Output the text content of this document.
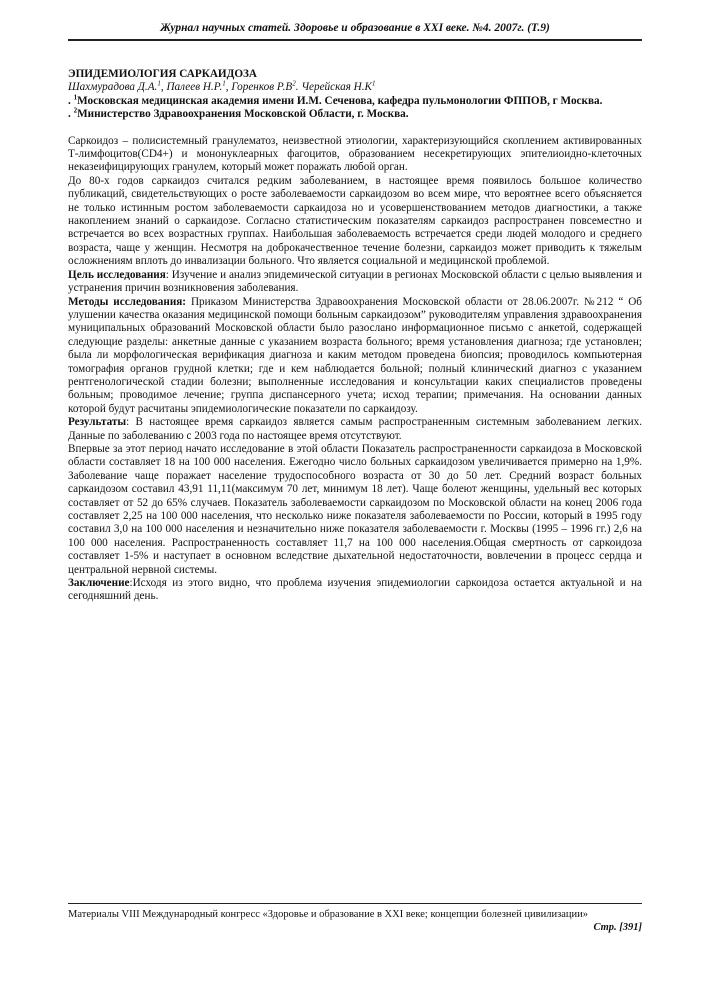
Журнал научных статей. Здоровье и образование в XXI веке. №4. 2007г. (Т.9)

ЭПИДЕМИОЛОГИЯ САРКАИДОЗА

Шахмурадова Д.А.$^1$, Палеев Н.Р.$^1$, Горенков $Р.В^2$. Черейская $Н.К^1$

. $^1$Московская медицинская академия имени И.М. Сеченова, кафедра пульмонологии ФППОВ, г Москва.

. $^2$Министерство Здравоохранения Московской Области, г. Москва.

Саркоидоз – полисистемный гранулематоз, неизвестной этиологии, характеризующийся скоплением активированных Т-лимфоцитов(CD4+) и мононуклеарных фагоцитов, образованием несекретирующих эпителиоидно-клеточных неказеифицирующих гранулем, который может поражать любой орган.

До 80-х годов саркаидоз считался редким заболеванием, в настоящее время появилось большое количество публикаций, свидетельствующих о росте заболеваемости саркаидозом во всем мире, что вероятнее всего объясняется не только истинным ростом заболеваемости саркаидоза но и усовершенствованием методов диагностики, а также накоплением знаний о саркаидозе. Согласно статистическим показателям саркаидоз распространен повсеместно и встречается во всех возрастных группах. Наибольшая заболеваемость встречается среди людей молодого и среднего возраста, чаще у женщин. Несмотря на доброкачественное течение болезни, саркаидоз может приводить к тяжелым осложнениям вплоть до инвализации больного. Что является социальной и медицинской проблемой.

Цель исследования: Изучение и анализ эпидемической ситуации в регионах Московской области с целью выявления и устранения причин возникновения заболевания.

Методы исследования: Приказом Министерства Здравоохранения Московской области от 28.06.2007г. №212 “ Об улушении качества оказания медицинской помощи больным саркаидозом” руководителям управления здравоохранения муниципальных образований Московской области было разослано информационное письмо с анкетой, содержащей следующие разделы: анкетные данные с указанием возраста больного; время установления диагноза; где установлен; была ли морфологическая верификация диагноза и каким методом проведена биопсия; проводилось компьютерная томография органов грудной клетки; где и кем наблюдается больной; полный клинический диагноз с указанием рентгенологической стадии болезни; выполненные исследования и консультации каких специалистов проведены больным; проводимое лечение; группа диспансерного учета; исход терапии; примечания. На основании данных которой будут расчитаны эпидемиологические показатели по саркаидозу.

Результаты: В настоящее время саркаидоз является самым распространенным системным заболеванием легких. Данные по заболеванию с 2003 года по настоящее время отсутствуют.

Впервые за этот период начато исследование в этой области Показатель распространенности саркаидоза в Московской области составляет 18 на 100 000 населения. Ежегодно число больных саркаидозом увеличивается примерно на 1,9%. Заболевание чаще поражает население трудоспособного возраста от 30 до 50 лет. Средний возраст больных саркаидозом составил 43,91 11,11(максимум 70 лет, минимум 18 лет). Чаще болеют женщины, удельный вес которых составляет от 52 до 65% случаев. Показатель заболеваемости саркаидозом по Московской области на конец 2006 года составляет 2,25 на 100 000 населения, что несколько ниже показателя заболеваемости по России, который в 1995 году составил 3,0 на 100 000 населения и незначительно ниже показателя заболеваемости г. Москвы (1995 – 1996 гг.) 2,6 на 100 000 населения. Распространенность составляет 11,7 на 100 000 населения.Общая смертность от саркоидоза составляет 1-5% и наступает в основном вследствие дыхательной недостаточности, вовлечении в процесс сердца и центральной нервной системы.

Заключение:Исходя из этого видно, что проблема изучения эпидемиологии саркоидоза остается актуальной и на сегодняшний день.

Материалы VIII Международный конгресс «Здоровье и образование в XXI веке; концепции болезней цивилизации»
Стр. [391]
